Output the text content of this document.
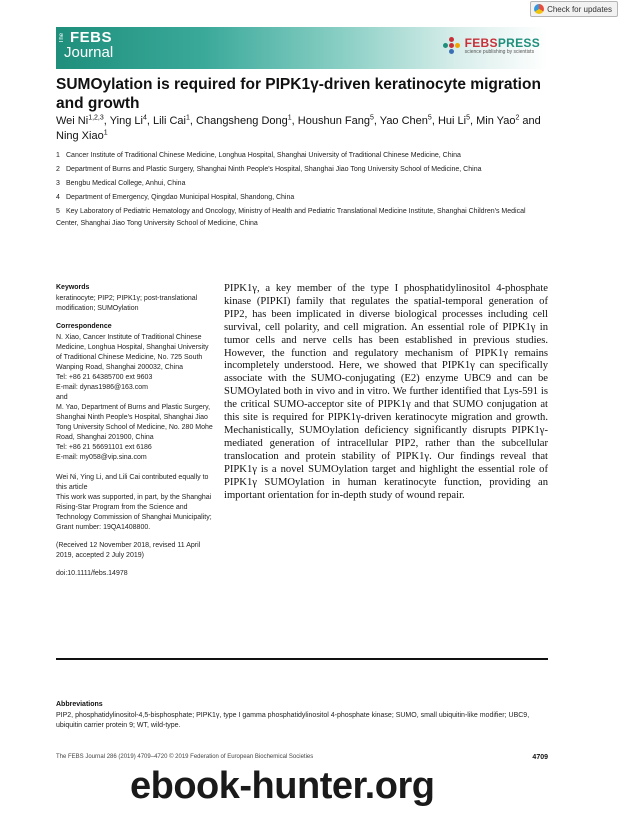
Check for updates
The FEBS
Journal
FEBSPRESS
science publishing by scientists
SUMOylation is required for PIPK1γ-driven keratinocyte migration and growth

Wei Ni$^{1,2,3}$, Ying Li$^4$, Lili Cai$^1$, Changsheng Dong$^1$, Houshun Fang$^5$, Yao Chen$^5$, Hui Li$^5$, Min Yao$^2$ and Ning Xiao$^1$

1 Cancer Institute of Traditional Chinese Medicine, Longhua Hospital, Shanghai University of Traditional Chinese Medicine, China
2 Department of Burns and Plastic Surgery, Shanghai Ninth People's Hospital, Shanghai Jiao Tong University School of Medicine, China
3 Bengbu Medical College, Anhui, China
4 Department of Emergency, Qingdao Municipal Hospital, Shandong, China
5 Key Laboratory of Pediatric Hematology and Oncology, Ministry of Health and Pediatric Translational Medicine Institute, Shanghai Children's Medical Center, Shanghai Jiao Tong University School of Medicine, China
Keywords

keratinocyte; PIP2; PIPK1γ; post-translational modification; SUMOylation

Correspondence
N. Xiao, Cancer Institute of Traditional Chinese Medicine, Longhua Hospital, Shanghai University of Traditional Chinese Medicine, No. 725 South Wanping Road, Shanghai 200032, China
Tel: +86 21 64385700 ext 9603
E-mail: dynas1986@163.com
and
M. Yao, Department of Burns and Plastic Surgery, Shanghai Ninth People's Hospital, Shanghai Jiao Tong University School of Medicine, No. 280 Mohe Road, Shanghai 201900, China
Tel: +86 21 56691101 ext 6186
E-mail: my058@vip.sina.com
Wei Ni, Ying Li, and Lili Cai contributed equally to this article

This work was supported, in part, by the Shanghai Rising-Star Program from the Science and Technology Commission of Shanghai Municipality; Grant number: 19QA1408800.

(Received 12 November 2018, revised 11 April 2019, accepted 2 July 2019)

doi:10.1111/febs.14978

PIPK1γ, a key member of the type I phosphatidylinositol 4-phosphate kinase (PIPKI) family that regulates the spatial-temporal generation of PIP2, has been implicated in diverse biological processes including cell survival, cell polarity, and cell migration. An essential role of PIPK1γ in tumor cells and nerve cells has been established in previous studies. However, the function and regulatory mechanism of PIPK1γ remains incompletely understood. Here, we showed that PIPK1γ can specifically associate with the SUMO-conjugating (E2) enzyme UBC9 and can be SUMOylated both in vivo and in vitro. We further identified that Lys-591 is the critical SUMO-acceptor site of PIPK1γ and that SUMO conjugation at this site is required for PIPK1γ-driven keratinocyte migration and growth. Mechanistically, SUMOylation deficiency significantly disrupts PIPK1γ-mediated generation of intracellular PIP2, rather than the subcellular translocation and protein stability of PIPK1γ. Our findings reveal that PIPK1γ is a novel SUMOylation target and highlight the essential role of PIPK1γ SUMOylation in human keratinocyte function, providing an important orientation for in-depth study of wound repair.

Abbreviations

PIP2, phosphatidylinositol-4,5-bisphosphate; PIPK1γ, type I gamma phosphatidylinositol 4-phosphate kinase; SUMO, small ubiquitin-like modifier; UBC9, ubiquitin carrier protein 9; WT, wild-type.

The FEBS Journal 286 (2019) 4709–4720 © 2019 Federation of European Biochemical Societies	4709
ebook-hunter.org
